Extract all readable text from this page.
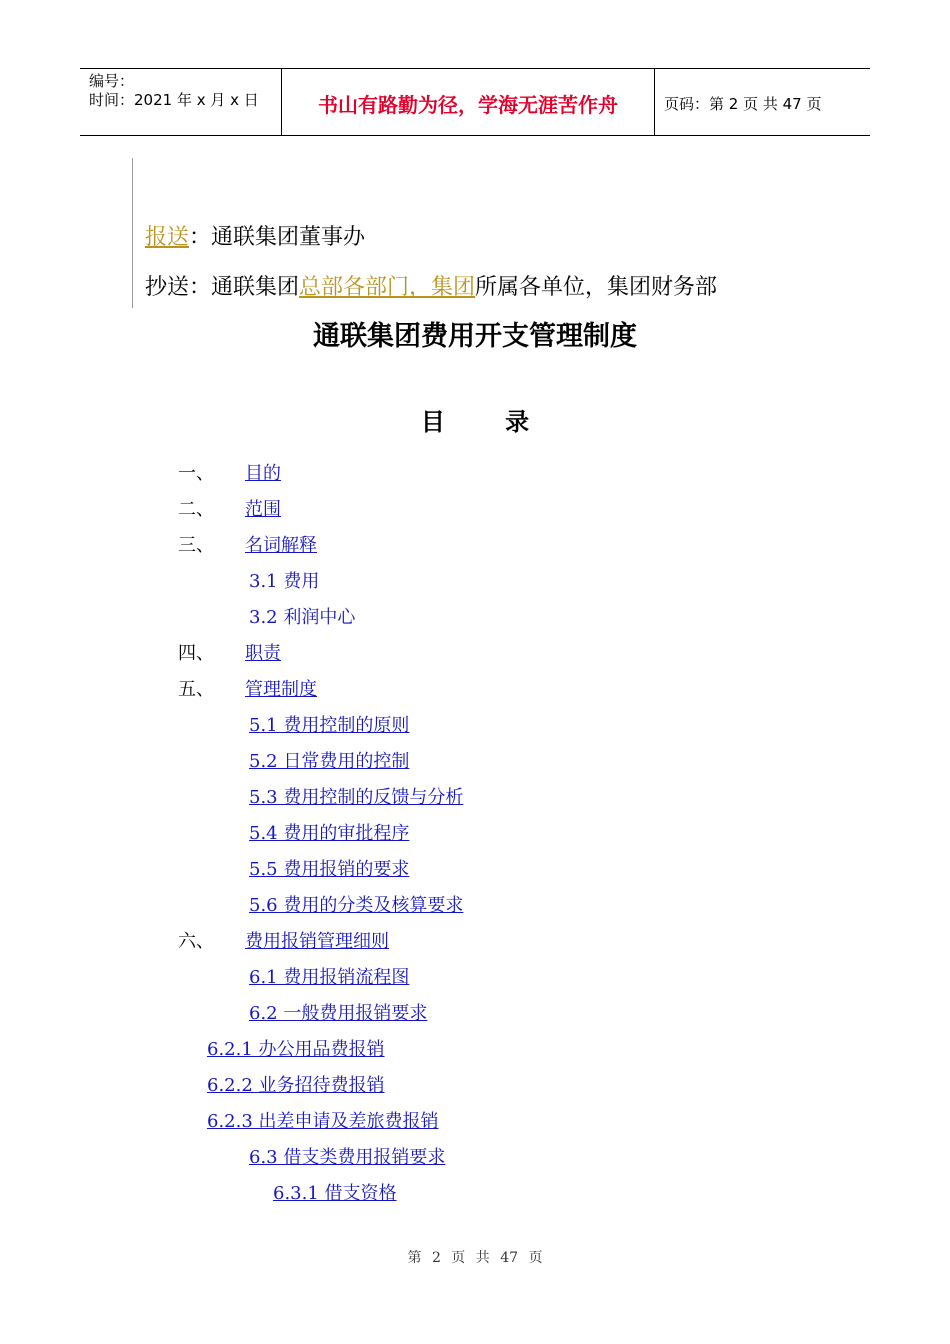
编号：
时间：2021 年 x 月 x 日	书山有路勤为径，学海无涯苦作舟	页码：第 2 页 共 47 页
报送：通联集团董事办
抄送：通联集团总部各部门，集团所属各单位，集团财务部
通联集团费用开支管理制度
目 录
一、 目的
二、 范围
三、 名词解释
3.1 费用
3.2 利润中心
四、 职责
五、 管理制度
5.1 费用控制的原则
5.2 日常费用的控制
5.3 费用控制的反馈与分析
5.4 费用的审批程序
5.5 费用报销的要求
5.6 费用的分类及核算要求
六、 费用报销管理细则
6.1 费用报销流程图
6.2 一般费用报销要求
6.2.1 办公用品费报销
6.2.2 业务招待费报销
6.2.3 出差申请及差旅费报销
6.3 借支类费用报销要求
6.3.1 借支资格
第 2 页 共 47 页
